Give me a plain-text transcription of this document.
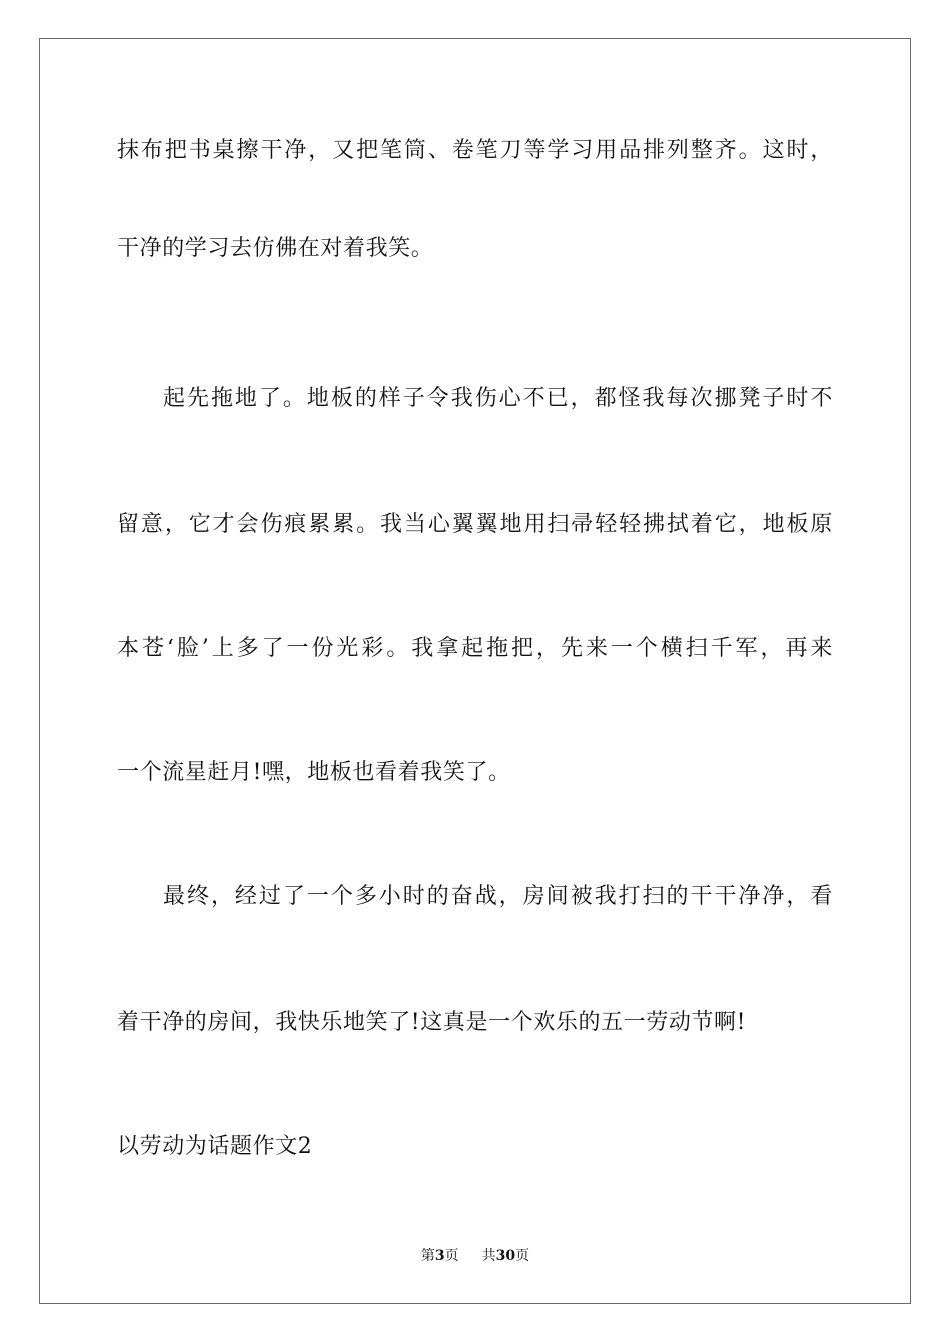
抹布把书桌擦干净，又把笔筒、卷笔刀等学习用品排列整齐。这时，
干净的学习去仿佛在对着我笑。
起先拖地了。地板的样子令我伤心不已，都怪我每次挪凳子时不
留意，它才会伤痕累累。我当心翼翼地用扫帚轻轻拂拭着它，地板原
本苍‘脸’上多了一份光彩。我拿起拖把，先来一个横扫千军，再来
一个流星赶月!嘿，地板也看着我笑了。
最终，经过了一个多小时的奋战，房间被我打扫的干干净净，看
着干净的房间，我快乐地笑了!这真是一个欢乐的五一劳动节啊!
以劳动为话题作文2
第3页 共30页
